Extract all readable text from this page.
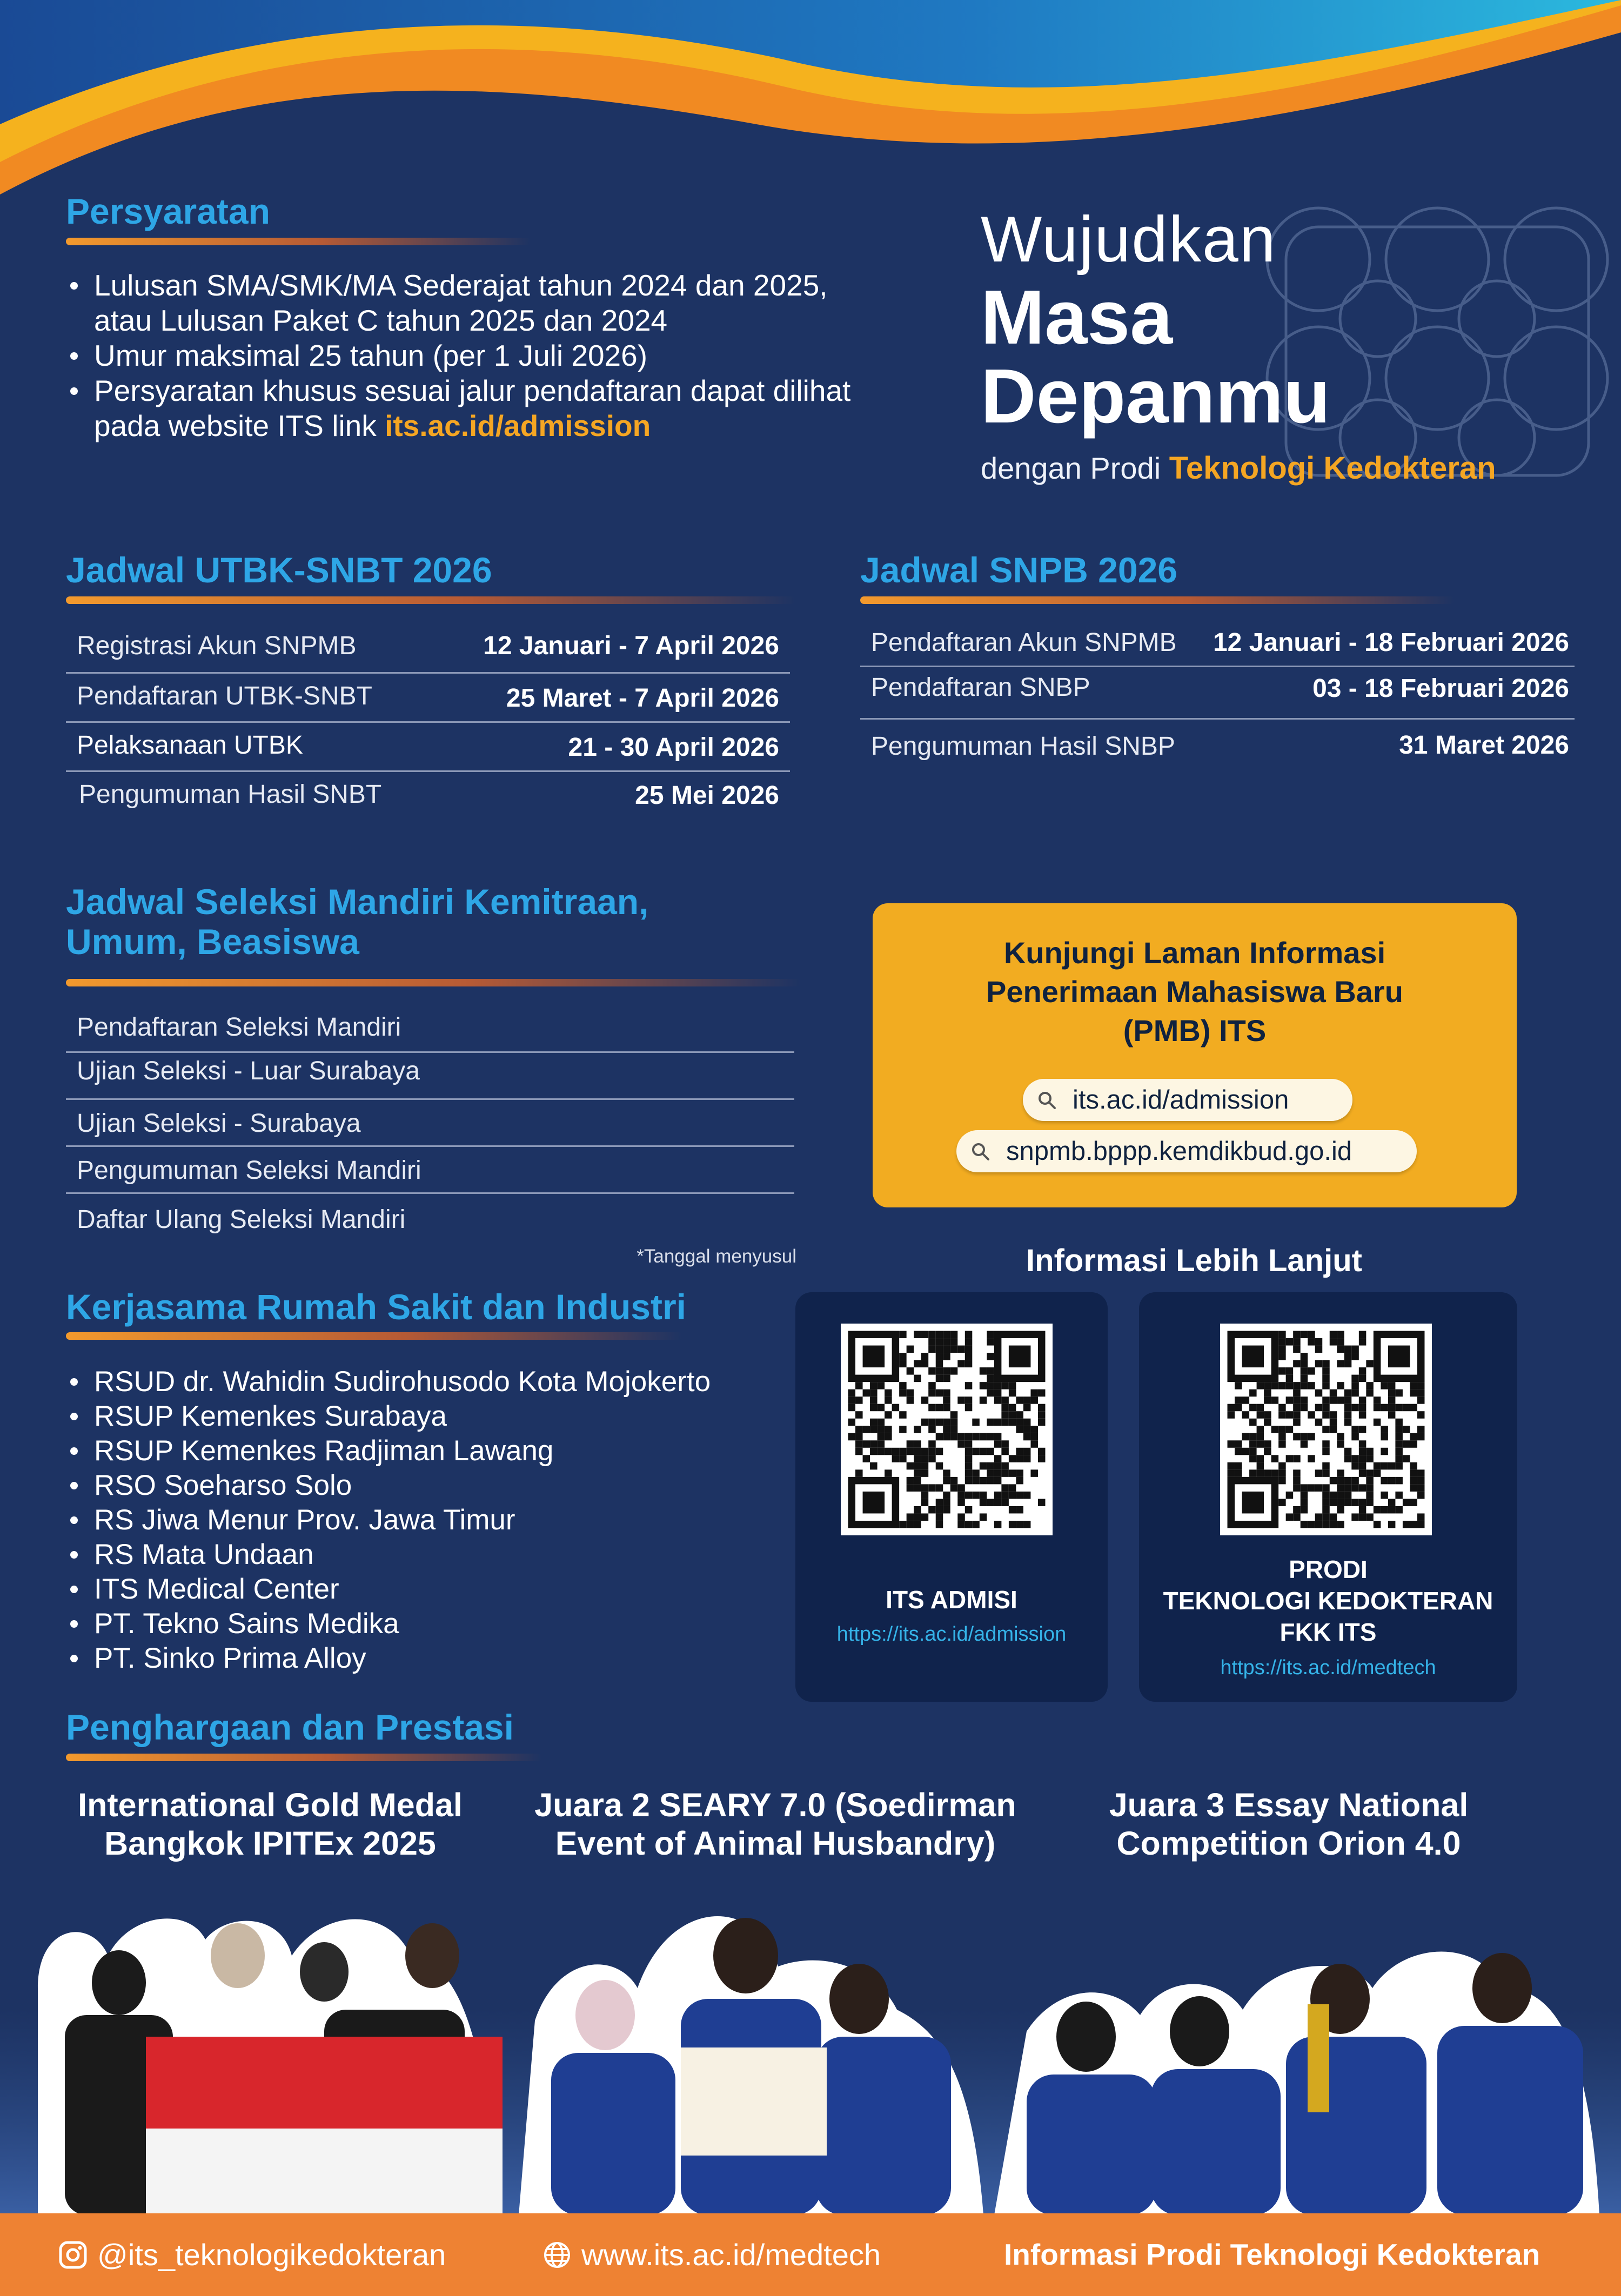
Persyaratan
Lulusan SMA/SMK/MA Sederajat tahun 2024 dan 2025, atau Lulusan Paket C tahun 2025 dan 2024
Umur maksimal 25 tahun (per 1 Juli 2026)
Persyaratan khusus sesuai jalur pendaftaran dapat dilihat pada website ITS link its.ac.id/admission
Wujudkan
Masa
Depanmu
dengan Prodi Teknologi Kedokteran
Jadwal UTBK-SNBT 2026
Registrasi Akun SNPMB	12 Januari - 7 April 2026
Pendaftaran UTBK-SNBT	25 Maret - 7 April 2026
Pelaksanaan UTBK	21 - 30 April 2026
Pengumuman Hasil SNBT	25 Mei 2026
Jadwal SNPB 2026
Pendaftaran Akun SNPMB 12 Januari - 18 Februari 2026
Pendaftaran SNBP	03 - 18 Februari 2026
Pengumuman Hasil SNBP	31 Maret 2026
Jadwal Seleksi Mandiri Kemitraan,
Umum, Beasiswa
Pendaftaran Seleksi Mandiri
Ujian Seleksi - Luar Surabaya
Ujian Seleksi - Surabaya
Pengumuman Seleksi Mandiri
Daftar Ulang Seleksi Mandiri
*Tanggal menyusul
Kunjungi Laman Informasi
Penerimaan Mahasiswa Baru
(PMB) ITS
its.ac.id/admission
snpmb.bppp.kemdikbud.go.id
Informasi Lebih Lanjut
ITS ADMISI
https://its.ac.id/admission
PRODI
TEKNOLOGI KEDOKTERAN
FKK ITS
https://its.ac.id/medtech
Kerjasama Rumah Sakit dan Industri
RSUD dr. Wahidin Sudirohusodo Kota Mojokerto
RSUP Kemenkes Surabaya
RSUP Kemenkes Radjiman Lawang
RSO Soeharso Solo
RS Jiwa Menur Prov. Jawa Timur
RS Mata Undaan
ITS Medical Center
PT. Tekno Sains Medika
PT. Sinko Prima Alloy
Penghargaan dan Prestasi
International Gold Medal
Bangkok IPITEx 2025
Juara 2 SEARY 7.0 (Soedirman
Event of Animal Husbandry)
Juara 3 Essay National
Competition Orion 4.0
@its_teknologikedokteran	www.its.ac.id/medtech	Informasi Prodi Teknologi Kedokteran
